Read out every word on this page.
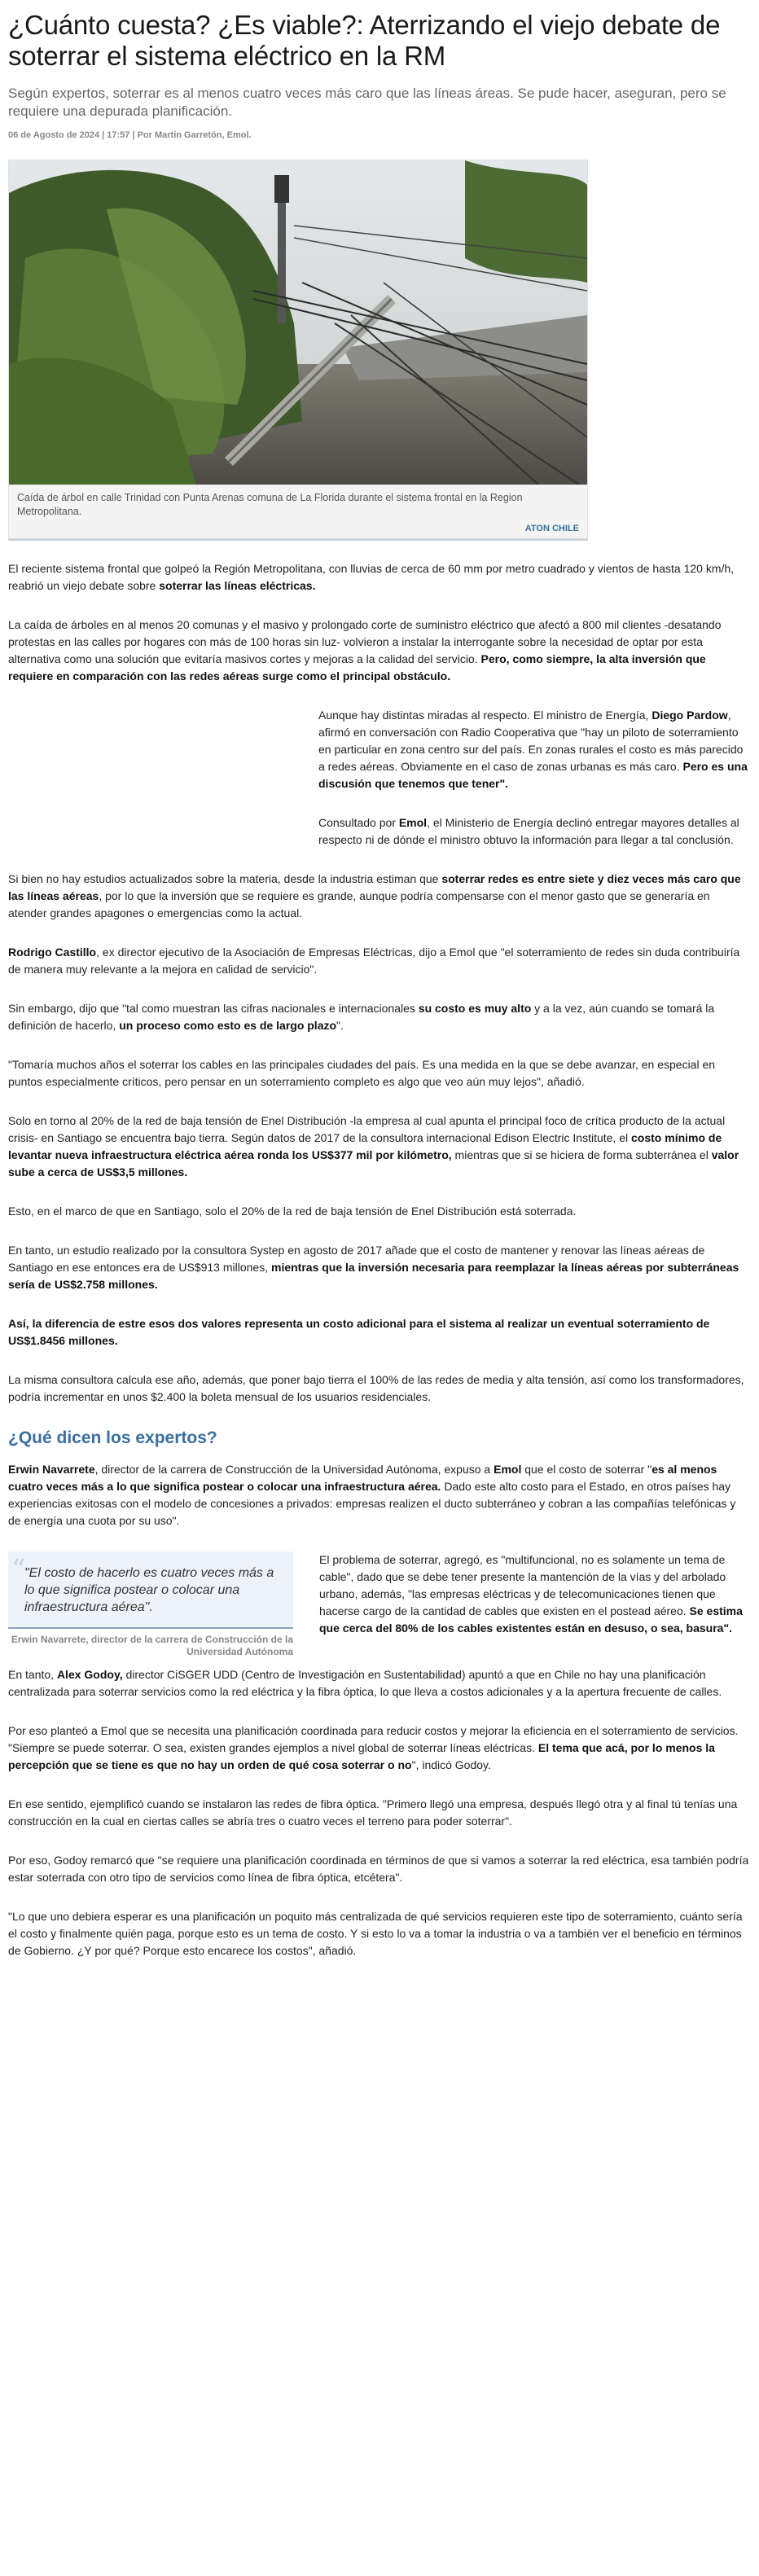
¿Cuánto cuesta? ¿Es viable?: Aterrizando el viejo debate de soterrar el sistema eléctrico en la RM

Según expertos, soterrar es al menos cuatro veces más caro que las líneas áreas. Se pude hacer, aseguran, pero se requiere una depurada planificación.

06 de Agosto de 2024 | 17:57 | Por Martín Garretón, Emol.
Caída de árbol en calle Trinidad con Punta Arenas comuna de La Florida durante el sistema frontal en la Region Metropolitana.
ATON CHILE

El reciente sistema frontal que golpeó la Región Metropolitana, con lluvias de cerca de 60 mm por metro cuadrado y vientos de hasta 120 km/h, reabrió un viejo debate sobre soterrar las líneas eléctricas.

La caída de árboles en al menos 20 comunas y el masivo y prolongado corte de suministro eléctrico que afectó a 800 mil clientes -desatando protestas en las calles por hogares con más de 100 horas sin luz- volvieron a instalar la interrogante sobre la necesidad de optar por esta alternativa como una solución que evitaría masivos cortes y mejoras a la calidad del servicio. Pero, como siempre, la alta inversión que requiere en comparación con las redes aéreas surge como el principal obstáculo.

Aunque hay distintas miradas al respecto. El ministro de Energía, Diego Pardow, afirmó en conversación con Radio Cooperativa que "hay un piloto de soterramiento en particular en zona centro sur del país. En zonas rurales el costo es más parecido a redes aéreas. Obviamente en el caso de zonas urbanas es más caro. Pero es una discusión que tenemos que tener".

Consultado por Emol, el Ministerio de Energía declinó entregar mayores detalles al respecto ni de dónde el ministro obtuvo la información para llegar a tal conclusión.

Si bien no hay estudios actualizados sobre la materia, desde la industria estiman que soterrar redes es entre siete y diez veces más caro que las líneas aéreas, por lo que la inversión que se requiere es grande, aunque podría compensarse con el menor gasto que se generaría en atender grandes apagones o emergencias como la actual.

Rodrigo Castillo, ex director ejecutivo de la Asociación de Empresas Eléctricas, dijo a Emol que "el soterramiento de redes sin duda contribuiría de manera muy relevante a la mejora en calidad de servicio".

Sin embargo, dijo que "tal como muestran las cifras nacionales e internacionales su costo es muy alto y a la vez, aún cuando se tomará la definición de hacerlo, un proceso como esto es de largo plazo".

"Tomaría muchos años el soterrar los cables en las principales ciudades del país. Es una medida en la que se debe avanzar, en especial en puntos especialmente críticos, pero pensar en un soterramiento completo es algo que veo aún muy lejos", añadió.

Solo en torno al 20% de la red de baja tensión de Enel Distribución -la empresa al cual apunta el principal foco de crítica producto de la actual crisis- en Santiago se encuentra bajo tierra. Según datos de 2017 de la consultora internacional Edison Electric Institute, el costo mínimo de levantar nueva infraestructura eléctrica aérea ronda los US$377 mil por kilómetro, mientras que si se hiciera de forma subterránea el valor sube a cerca de US$3,5 millones.

Esto, en el marco de que en Santiago, solo el 20% de la red de baja tensión de Enel Distribución está soterrada.

En tanto, un estudio realizado por la consultora Systep en agosto de 2017 añade que el costo de mantener y renovar las líneas aéreas de Santiago en ese entonces era de US$913 millones, mientras que la inversión necesaria para reemplazar la líneas aéreas por subterráneas sería de US$2.758 millones.

Así, la diferencia de estre esos dos valores representa un costo adicional para el sistema al realizar un eventual soterramiento de US$1.8456 millones.

La misma consultora calcula ese año, además, que poner bajo tierra el 100% de las redes de media y alta tensión, así como los transformadores, podría incrementar en unos $2.400 la boleta mensual de los usuarios residenciales.

¿Qué dicen los expertos?

Erwin Navarrete, director de la carrera de Construcción de la Universidad Autónoma, expuso a Emol que el costo de soterrar "es al menos cuatro veces más a lo que significa postear o colocar una infraestructura aérea. Dado este alto costo para el Estado, en otros países hay experiencias exitosas con el modelo de concesiones a privados: empresas realizen el ducto subterráneo y cobran a las compañías telefónicas y de energía una cuota por su uso".

“
"El costo de hacerlo es cuatro veces más a lo que significa postear o colocar una infraestructura aérea".
Erwin Navarrete, director de la carrera de Construcción de la Universidad Autónoma

El problema de soterrar, agregó, es "multifuncional, no es solamente un tema de cable", dado que se debe tener presente la mantención de la vías y del arbolado urbano, además, "las empresas eléctricas y de telecomunicaciones tienen que hacerse cargo de la cantidad de cables que existen en el postead aéreo. Se estima que cerca del 80% de los cables existentes están en desuso, o sea, basura".

En tanto, Alex Godoy, director CiSGER UDD (Centro de Investigación en Sustentabilidad) apuntó a que en Chile no hay una planificación centralizada para soterrar servicios como la red eléctrica y la fibra óptica, lo que lleva a costos adicionales y a la apertura frecuente de calles.

Por eso planteó a Emol que se necesita una planificación coordinada para reducir costos y mejorar la eficiencia en el soterramiento de servicios. "Siempre se puede soterrar. O sea, existen grandes ejemplos a nivel global de soterrar líneas eléctricas. El tema que acá, por lo menos la percepción que se tiene es que no hay un orden de qué cosa soterrar o no", indicó Godoy.

En ese sentido, ejemplificó cuando se instalaron las redes de fibra óptica. "Primero llegó una empresa, después llegó otra y al final tú tenías una construcción en la cual en ciertas calles se abría tres o cuatro veces el terreno para poder soterrar".

Por eso, Godoy remarcó que "se requiere una planificación coordinada en términos de que si vamos a soterrar la red eléctrica, esa también podría estar soterrada con otro tipo de servicios como línea de fibra óptica, etcétera".

"Lo que uno debiera esperar es una planificación un poquito más centralizada de qué servicios requieren este tipo de soterramiento, cuánto sería el costo y finalmente quién paga, porque esto es un tema de costo. Y si esto lo va a tomar la industria o va a también ver el beneficio en términos de Gobierno. ¿Y por qué? Porque esto encarece los costos", añadió.
